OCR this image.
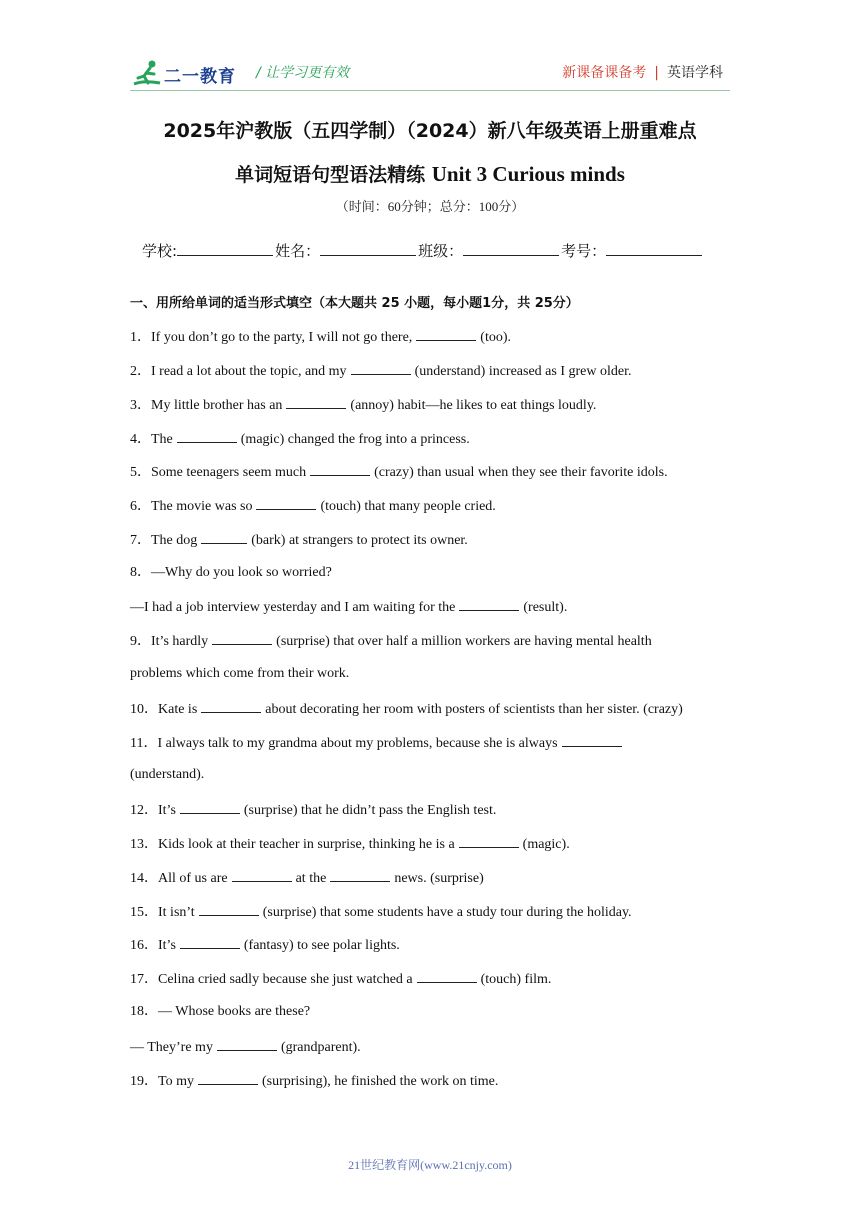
二一教育 / 让学习更有效	新课备课备考 | 英语学科
2025年沪教版（五四学制）（2024）新八年级英语上册重难点
单词短语句型语法精练 Unit 3 Curious minds
（时间：60分钟；总分：100分）
学校:	姓名：	班级：	考号：
一、用所给单词的适当形式填空（本大题共 25 小题，每小题1分，共 25分）
1．If you don’t go to the party, I will not go there,	(too).
2．I read a lot about the topic, and my	(understand) increased as I grew older.
3．My little brother has an	(annoy) habit—he likes to eat things loudly.
4．The	(magic) changed the frog into a princess.
5．Some teenagers seem much	(crazy) than usual when they see their favorite idols.
6．The movie was so	(touch) that many people cried.
7．The dog	(bark) at strangers to protect its owner.
8．—Why do you look so worried?
—I had a job interview yesterday and I am waiting for the	(result).
9．It’s hardly	(surprise) that over half a million workers are having mental health
problems which come from their work.
10．Kate is	about decorating her room with posters of scientists than her sister. (crazy)
11．I always talk to my grandma about my problems, because she is always
(understand).
12．It’s	(surprise) that he didn’t pass the English test.
13．Kids look at their teacher in surprise, thinking he is a	(magic).
14．All of us are	at the	news. (surprise)
15．It isn’t	(surprise) that some students have a study tour during the holiday.
16．It’s	(fantasy) to see polar lights.
17．Celina cried sadly because she just watched a	(touch) film.
18．— Whose books are these?
— They’re my	(grandparent).
19．To my	(surprising), he finished the work on time.
21世纪教育网(www.21cnjy.com)
